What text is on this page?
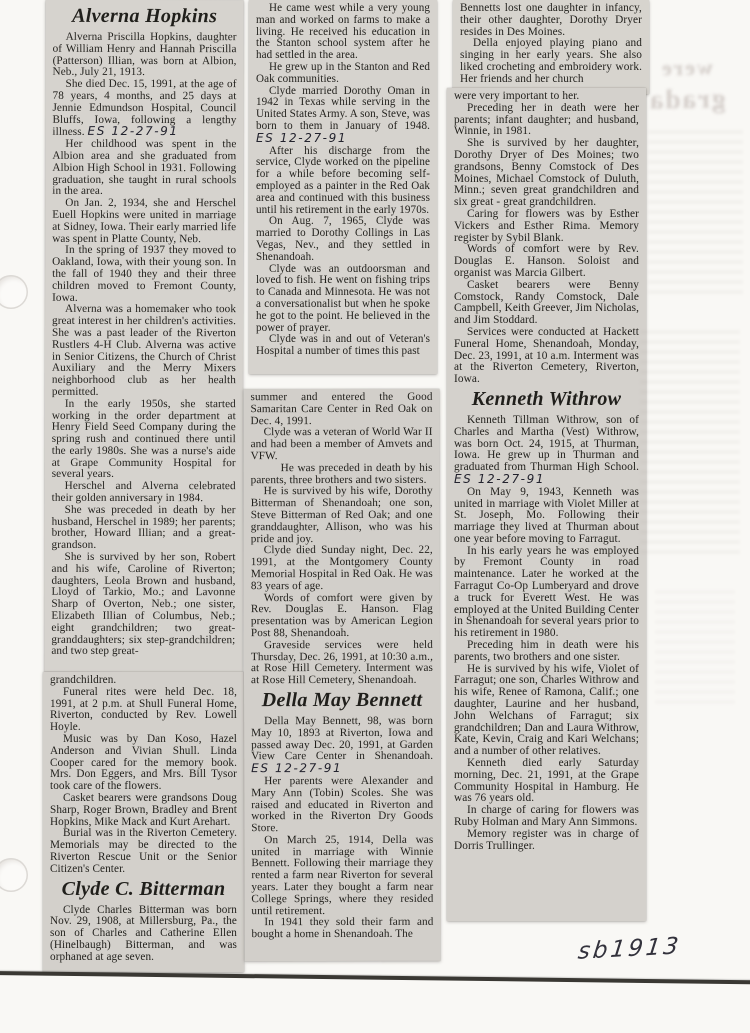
Alverna Hopkins

Alverna Priscilla Hopkins, daughter of William Henry and Hannah Priscilla (Patterson) Illian, was born at Albion, Neb., July 21, 1913.

She died Dec. 15, 1991, at the age of 78 years, 4 months, and 25 days at Jennie Edmundson Hospital, Council Bluffs, Iowa, following a lengthy illness. ES 12-27-91

Her childhood was spent in the Albion area and she graduated from Albion High School in 1931. Following graduation, she taught in rural schools in the area.

On Jan. 2, 1934, she and Herschel Euell Hopkins were united in marriage at Sidney, Iowa. Their early married life was spent in Platte County, Neb.

In the spring of 1937 they moved to Oakland, Iowa, with their young son. In the fall of 1940 they and their three children moved to Fremont County, Iowa.

Alverna was a homemaker who took great interest in her children's activities. She was a past leader of the Riverton Rustlers 4-H Club. Alverna was active in Senior Citizens, the Church of Christ Auxiliary and the Merry Mixers neighborhood club as her health permitted.

In the early 1950s, she started working in the order department at Henry Field Seed Company during the spring rush and continued there until the early 1980s. She was a nurse's aide at Grape Community Hospital for several years.

Herschel and Alverna celebrated their golden anniversary in 1984.

She was preceded in death by her husband, Herschel in 1989; her parents; brother, Howard Illian; and a great-grandson.

She is survived by her son, Robert and his wife, Caroline of Riverton; daughters, Leola Brown and husband, Lloyd of Tarkio, Mo.; and Lavonne Sharp of Overton, Neb.; one sister, Elizabeth Illian of Columbus, Neb.; eight grandchildren; two great-granddaughters; six step-grandchildren; and two step great-

grandchildren.

Funeral rites were held Dec. 18, 1991, at 2 p.m. at Shull Funeral Home, Riverton, conducted by Rev. Lowell Hoyle.

Music was by Dan Koso, Hazel Anderson and Vivian Shull. Linda Cooper cared for the memory book. Mrs. Don Eggers, and Mrs. Bill Tysor took care of the flowers.

Casket bearers were grandsons Doug Sharp, Roger Brown, Bradley and Brent Hopkins, Mike Mack and Kurt Arehart.

Burial was in the Riverton Cemetery. Memorials may be directed to the Riverton Rescue Unit or the Senior Citizen's Center.

Clyde C. Bitterman

Clyde Charles Bitterman was born Nov. 29, 1908, at Millersburg, Pa., the son of Charles and Catherine Ellen (Hinelbaugh) Bitterman, and was orphaned at age seven.

He came west while a very young man and worked on farms to make a living. He received his education in the Stanton school system after he had settled in the area.

He grew up in the Stanton and Red Oak communities.

Clyde married Dorothy Oman in 1942 in Texas while serving in the United States Army. A son, Steve, was born to them in January of 1948. ES 12-27-91

After his discharge from the service, Clyde worked on the pipeline for a while before becoming self-employed as a painter in the Red Oak area and continued with this business until his retirement in the early 1970s.

On Aug. 7, 1965, Clyde was married to Dorothy Collings in Las Vegas, Nev., and they settled in Shenandoah.

Clyde was an outdoorsman and loved to fish. He went on fishing trips to Canada and Minnesota. He was not a conversationalist but when he spoke he got to the point. He believed in the power of prayer.

Clyde was in and out of Veteran's Hospital a number of times this past

summer and entered the Good Samaritan Care Center in Red Oak on Dec. 4, 1991.

Clyde was a veteran of World War II and had been a member of Amvets and VFW.

He was preceded in death by his parents, three brothers and two sisters.

He is survived by his wife, Dorothy Bitterman of Shenandoah; one son, Steve Bitterman of Red Oak; and one granddaughter, Allison, who was his pride and joy.

Clyde died Sunday night, Dec. 22, 1991, at the Montgomery County Memorial Hospital in Red Oak. He was 83 years of age.

Words of comfort were given by Rev. Douglas E. Hanson. Flag presentation was by American Legion Post 88, Shenandoah.

Graveside services were held Thursday, Dec. 26, 1991, at 10:30 a.m., at Rose Hill Cemetery. Interment was at Rose Hill Cemetery, Shenandoah.

Della May Bennett

Della May Bennett, 98, was born May 10, 1893 at Riverton, Iowa and passed away Dec. 20, 1991, at Garden View Care Center in Shenandoah. ES 12-27-91

Her parents were Alexander and Mary Ann (Tobin) Scoles. She was raised and educated in Riverton and worked in the Riverton Dry Goods Store.

On March 25, 1914, Della was united in marriage with Winnie Bennett. Following their marriage they rented a farm near Riverton for several years. Later they bought a farm near College Springs, where they resided until retirement.

In 1941 they sold their farm and bought a home in Shenandoah. The

Bennetts lost one daughter in infancy, their other daughter, Dorothy Dryer resides in Des Moines.

Della enjoyed playing piano and singing in her early years. She also liked crocheting and embroidery work. Her friends and her church

were very important to her.

Preceding her in death were her parents; infant daughter; and husband, Winnie, in 1981.

She is survived by her daughter, Dorothy Dryer of Des Moines; two grandsons, Benny Comstock of Des Moines, Michael Comstock of Duluth, Minn.; seven great grandchildren and six great - great grandchildren.

Caring for flowers was by Esther Vickers and Esther Rima. Memory register by Sybil Blank.

Words of comfort were by Rev. Douglas E. Hanson. Soloist and organist was Marcia Gilbert.

Casket bearers were Benny Comstock, Randy Comstock, Dale Campbell, Keith Greever, Jim Nicholas, and Jim Stoddard.

Services were conducted at Hackett Funeral Home, Shenandoah, Monday, Dec. 23, 1991, at 10 a.m. Interment was at the Riverton Cemetery, Riverton, Iowa.

Kenneth Withrow

Kenneth Tillman Withrow, son of Charles and Martha (Vest) Withrow, was born Oct. 24, 1915, at Thurman, Iowa. He grew up in Thurman and graduated from Thurman High School. ES 12-27-91

On May 9, 1943, Kenneth was united in marriage with Violet Miller at St. Joseph, Mo. Following their marriage they lived at Thurman about one year before moving to Farragut.

In his early years he was employed by Fremont County in road maintenance. Later he worked at the Farragut Co-Op Lumberyard and drove a truck for Everett West. He was employed at the United Building Center in Shenandoah for several years prior to his retirement in 1980.

Preceding him in death were his parents, two brothers and one sister.

He is survived by his wife, Violet of Farragut; one son, Charles Withrow and his wife, Renee of Ramona, Calif.; one daughter, Laurine and her husband, John Welchans of Farragut; six grandchildren; Dan and Laura Withrow, Kate, Kevin, Craig and Kari Welchans; and a number of other relatives.

Kenneth died early Saturday morning, Dec. 21, 1991, at the Grape Community Hospital in Hamburg. He was 76 years old.

In charge of caring for flowers was Ruby Holman and Mary Ann Simmons.

Memory register was in charge of Dorris Trullinger.

were
grada
sb1913
